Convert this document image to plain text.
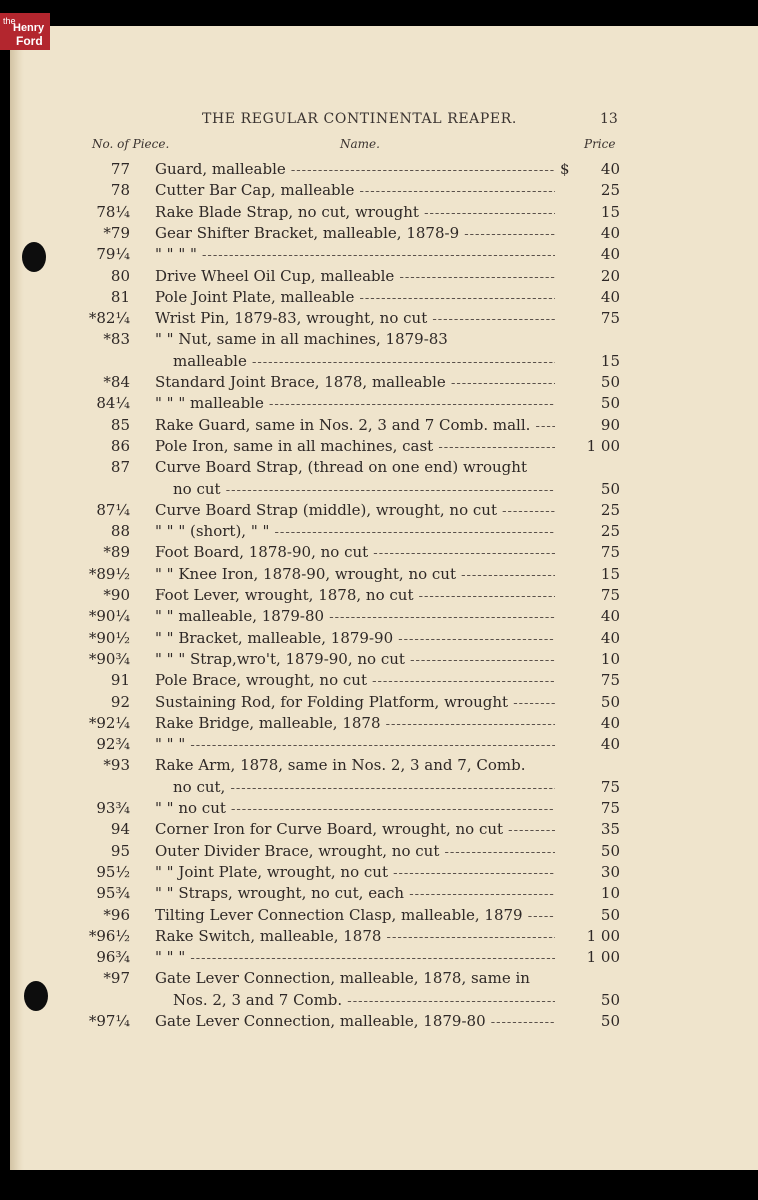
THE REGULAR CONTINENTAL REAPER.	13
No. of Piece.	Name.	Price
77 Guard, malleable -----	$	40
78 Cutter Bar Cap, malleable -----	25
78¼ Rake Blade Strap, no cut, wrought -----	15
*79 Gear Shifter Bracket, malleable, 1878-9 -----	40
79¼ " " " " -----	40
80 Drive Wheel Oil Cup, malleable -----	20
81 Pole Joint Plate, malleable -----	40
*82¼ Wrist Pin, 1879-83, wrought, no cut -----	75
*83 " " Nut, same in all machines, 1879-83
malleable -----	15
*84 Standard Joint Brace, 1878, malleable -----	50
84¼ " " " malleable -----	50
85 Rake Guard, same in Nos. 2, 3 and 7 Comb. mall. -----	90
86 Pole Iron, same in all machines, cast -----	1 00
87 Curve Board Strap, (thread on one end) wrought
no cut -----	50
87¼ Curve Board Strap (middle), wrought, no cut -----	25
88 " " " (short), " " -----	25
*89 Foot Board, 1878-90, no cut -----	75
*89½ " " Knee Iron, 1878-90, wrought, no cut -----	15
*90 Foot Lever, wrought, 1878, no cut -----	75
*90¼ " " malleable, 1879-80 -----	40
*90½ " " Bracket, malleable, 1879-90 -----	40
*90¾ " " " Strap,wro't, 1879-90, no cut -----	10
91 Pole Brace, wrought, no cut -----	75
92 Sustaining Rod, for Folding Platform, wrought -----	50
*92¼ Rake Bridge, malleable, 1878 -----	40
92¾ " " " -----	40
*93 Rake Arm, 1878, same in Nos. 2, 3 and 7, Comb.
no cut, -----	75
93¾ " " no cut -----	75
94 Corner Iron for Curve Board, wrought, no cut -----	35
95 Outer Divider Brace, wrought, no cut -----	50
95½ " " Joint Plate, wrought, no cut -----	30
95¾ " " Straps, wrought, no cut, each -----	10
*96 Tilting Lever Connection Clasp, malleable, 1879 -----	50
*96½ Rake Switch, malleable, 1878 -----	1 00
96¾ " " " -----	1 00
*97 Gate Lever Connection, malleable, 1878, same in
Nos. 2, 3 and 7 Comb. -----	50
*97¼ Gate Lever Connection, malleable, 1879-80 -----	50
the
Henry
Ford
